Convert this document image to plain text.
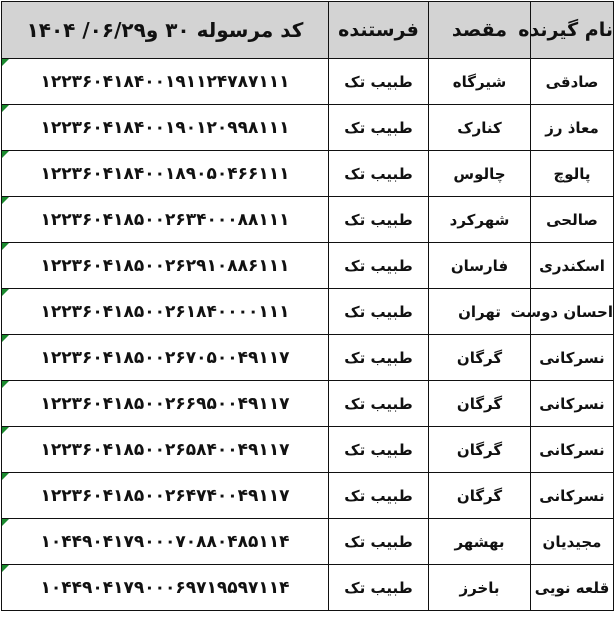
کد مرسوله ۳۰ و۰۶/۲۹/ ۱۴۰۴	فرستنده	مقصد	نام گیرنده

۱۲۲۳۶۰۴۱۸۴۰۰۱۹۱۱۲۴۷۸۷۱۱۱	طبیب تک	شیرگاه	صادقی

۱۲۲۳۶۰۴۱۸۴۰۰۱۹۰۱۲۰۹۹۸۱۱۱	طبیب تک	کنارک	معاذ رز

۱۲۲۳۶۰۴۱۸۴۰۰۱۸۹۰۵۰۴۶۶۱۱۱	طبیب تک	چالوس	پالوچ

۱۲۲۳۶۰۴۱۸۵۰۰۲۶۳۴۰۰۰۸۸۱۱۱	طبیب تک	شهرکرد	صالحی

۱۲۲۳۶۰۴۱۸۵۰۰۲۶۲۹۱۰۸۸۶۱۱۱	طبیب تک	فارسان	اسکندری

۱۲۲۳۶۰۴۱۸۵۰۰۲۶۱۸۴۰۰۰۰۱۱۱	طبیب تک	تهران	احسان دوست

۱۲۲۳۶۰۴۱۸۵۰۰۲۶۷۰۵۰۰۴۹۱۱۷	طبیب تک	گرگان	نسرکانی

۱۲۲۳۶۰۴۱۸۵۰۰۲۶۶۹۵۰۰۴۹۱۱۷	طبیب تک	گرگان	نسرکانی

۱۲۲۳۶۰۴۱۸۵۰۰۲۶۵۸۴۰۰۴۹۱۱۷	طبیب تک	گرگان	نسرکانی

۱۲۲۳۶۰۴۱۸۵۰۰۲۶۴۷۴۰۰۴۹۱۱۷	طبیب تک	گرگان	نسرکانی

۱۰۴۴۹۰۴۱۷۹۰۰۰۷۰۸۸۰۴۸۵۱۱۴	طبیب تک	بهشهر	مجیدیان

۱۰۴۴۹۰۴۱۷۹۰۰۰۶۹۷۱۹۵۹۷۱۱۴	طبیب تک	باخرز	قلعه نویی
